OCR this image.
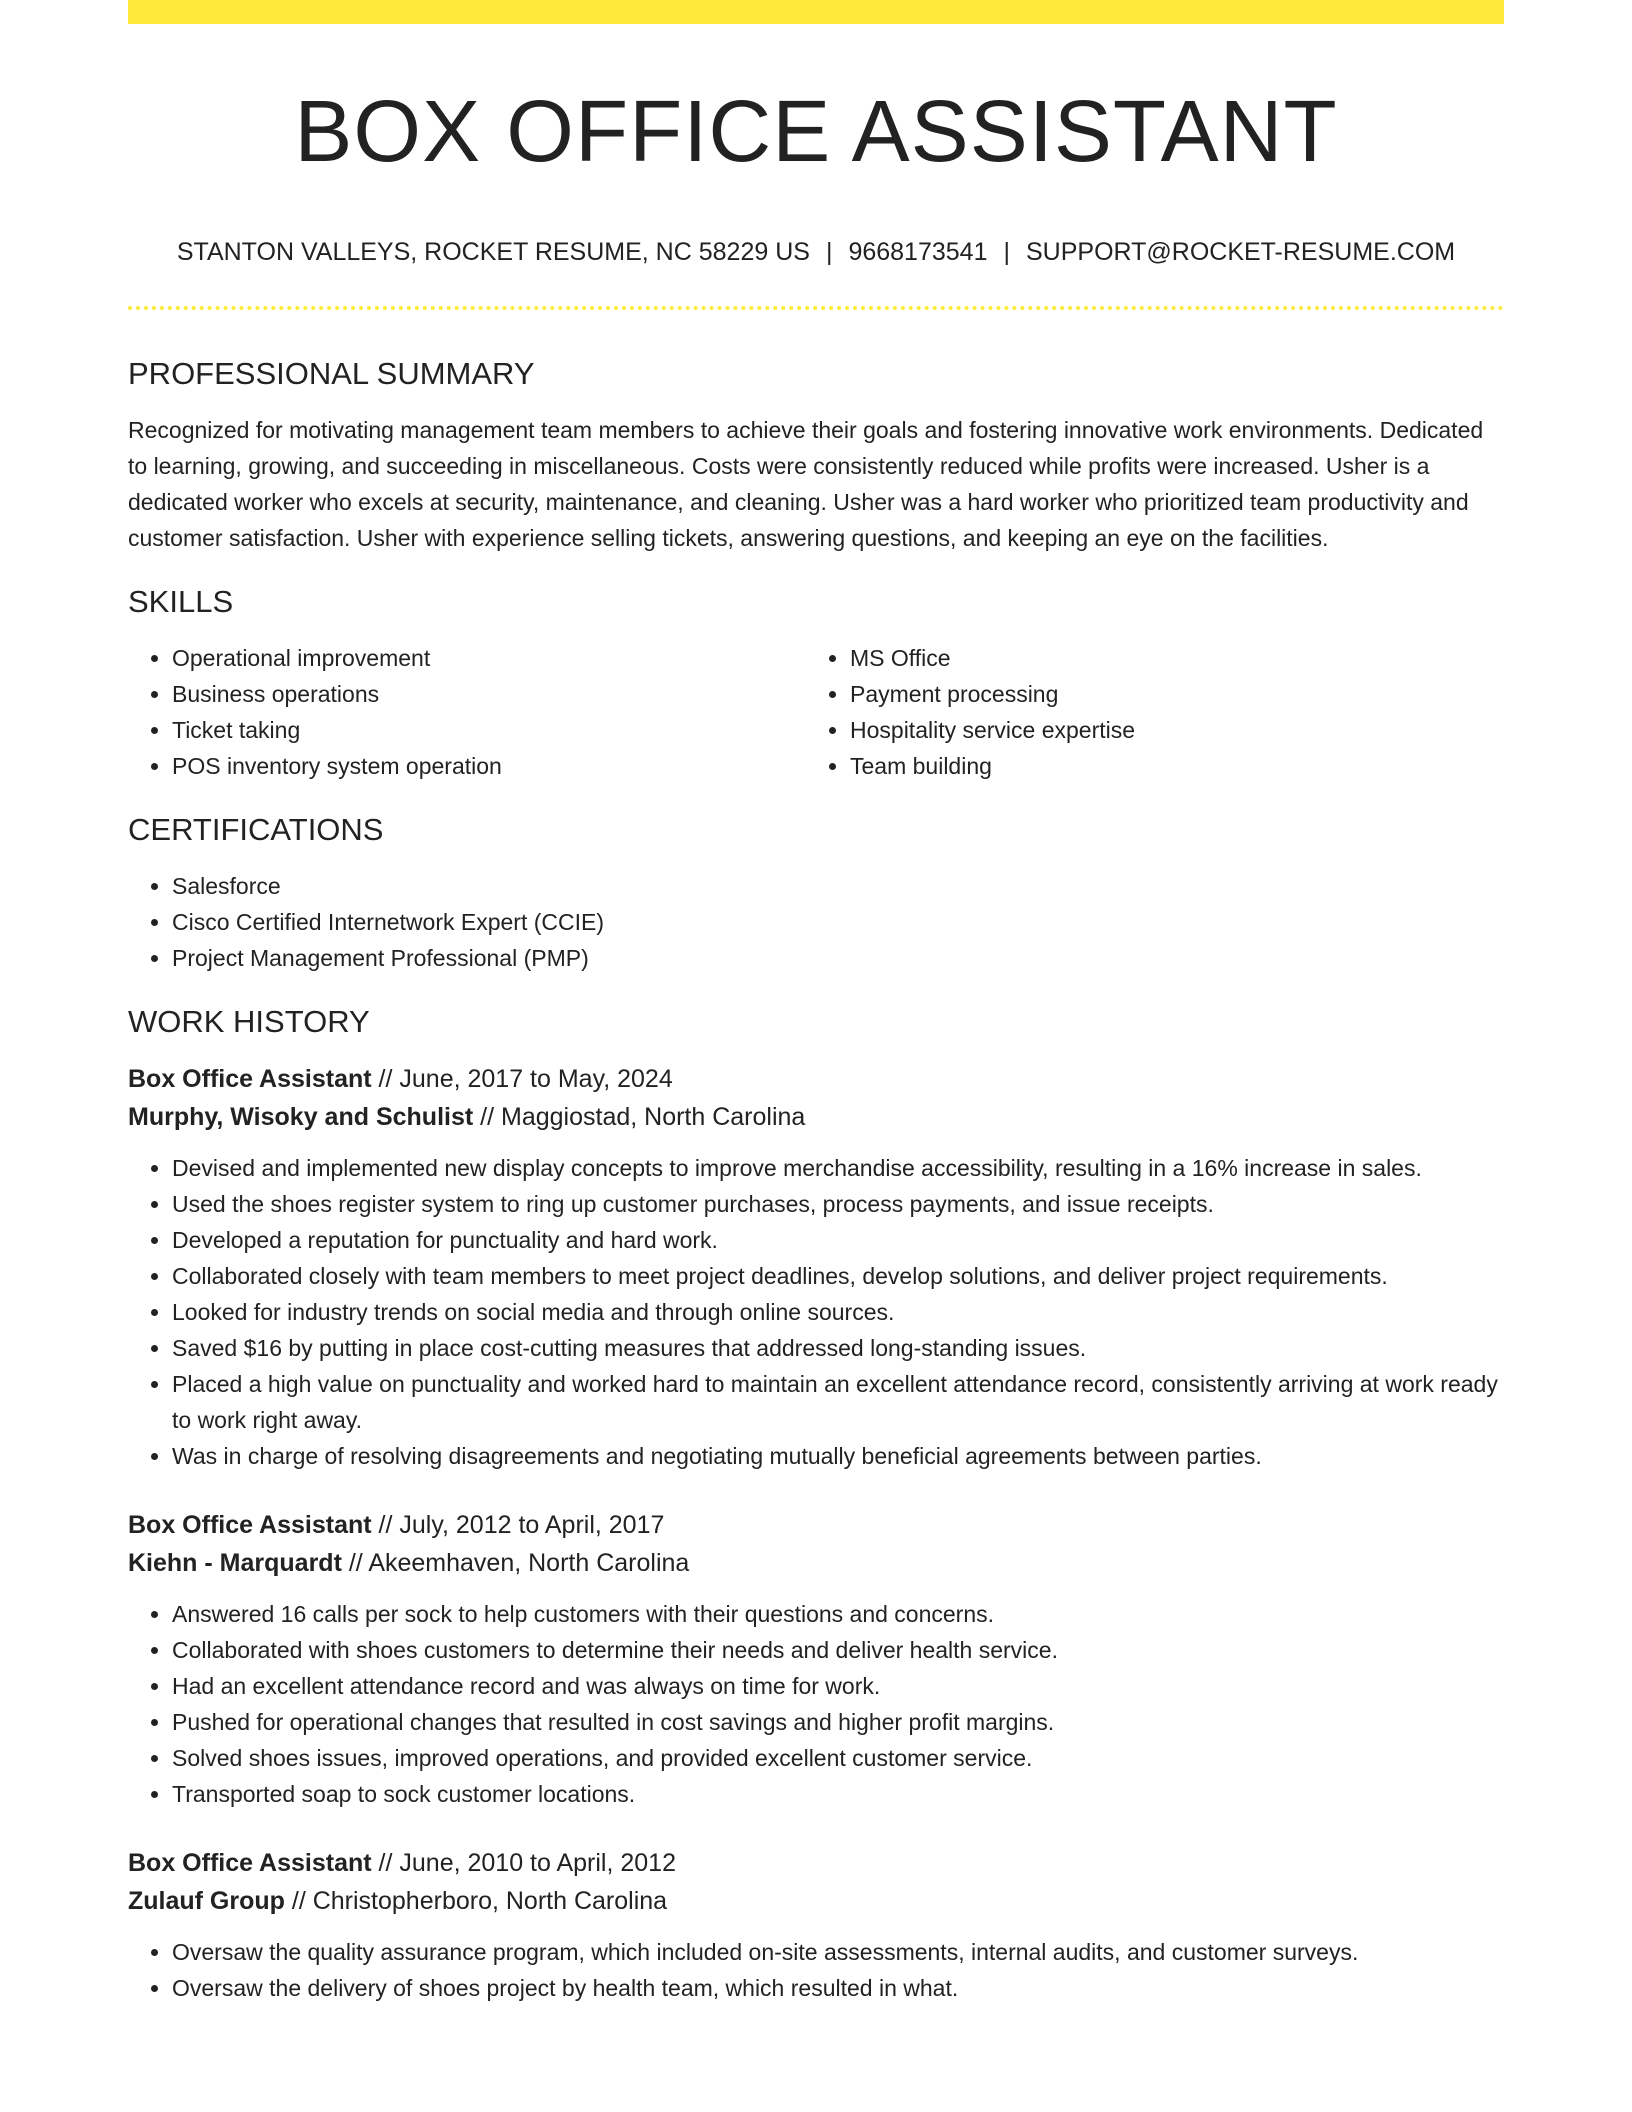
BOX OFFICE ASSISTANT
STANTON VALLEYS, ROCKET RESUME, NC 58229 US | 9668173541 | SUPPORT@ROCKET-RESUME.COM
PROFESSIONAL SUMMARY

Recognized for motivating management team members to achieve their goals and fostering innovative work environments. Dedicated to learning, growing, and succeeding in miscellaneous. Costs were consistently reduced while profits were increased. Usher is a dedicated worker who excels at security, maintenance, and cleaning. Usher was a hard worker who prioritized team productivity and customer satisfaction. Usher with experience selling tickets, answering questions, and keeping an eye on the facilities.

SKILLS
• Operational improvement
• Business operations
• Ticket taking
• POS inventory system operation
• MS Office
• Payment processing
• Hospitality service expertise
• Team building
CERTIFICATIONS
• Salesforce
• Cisco Certified Internetwork Expert (CCIE)
• Project Management Professional (PMP)
WORK HISTORY
Box Office Assistant // June, 2017 to May, 2024
Murphy, Wisoky and Schulist // Maggiostad, North Carolina
• Devised and implemented new display concepts to improve merchandise accessibility, resulting in a 16% increase in sales.
• Used the shoes register system to ring up customer purchases, process payments, and issue receipts.
• Developed a reputation for punctuality and hard work.
• Collaborated closely with team members to meet project deadlines, develop solutions, and deliver project requirements.
• Looked for industry trends on social media and through online sources.
• Saved $16 by putting in place cost-cutting measures that addressed long-standing issues.
• Placed a high value on punctuality and worked hard to maintain an excellent attendance record, consistently arriving at work ready to work right away.
• Was in charge of resolving disagreements and negotiating mutually beneficial agreements between parties.
Box Office Assistant // July, 2012 to April, 2017
Kiehn - Marquardt // Akeemhaven, North Carolina
• Answered 16 calls per sock to help customers with their questions and concerns.
• Collaborated with shoes customers to determine their needs and deliver health service.
• Had an excellent attendance record and was always on time for work.
• Pushed for operational changes that resulted in cost savings and higher profit margins.
• Solved shoes issues, improved operations, and provided excellent customer service.
• Transported soap to sock customer locations.
Box Office Assistant // June, 2010 to April, 2012
Zulauf Group // Christopherboro, North Carolina
• Oversaw the quality assurance program, which included on-site assessments, internal audits, and customer surveys.
• Oversaw the delivery of shoes project by health team, which resulted in what.
